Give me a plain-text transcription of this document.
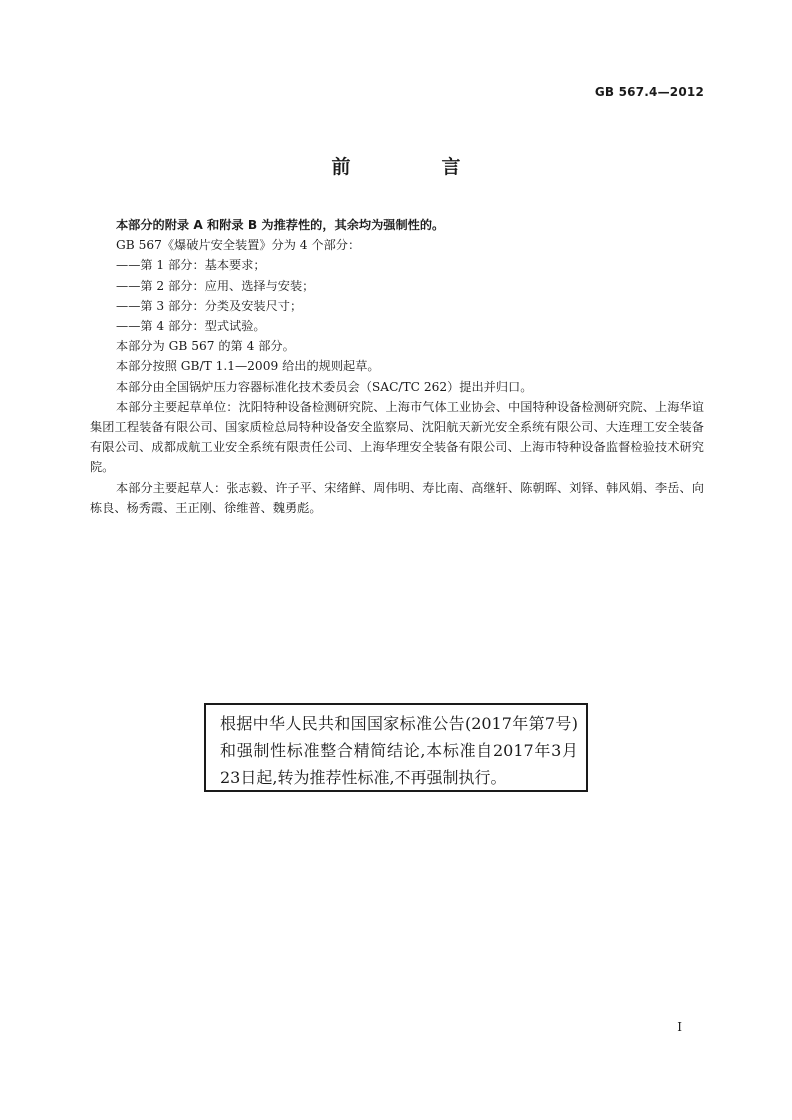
GB 567.4—2012
前　言

本部分的附录 A 和附录 B 为推荐性的，其余均为强制性的。

GB 567《爆破片安全装置》分为 4 个部分：

——第 1 部分：基本要求；

——第 2 部分：应用、选择与安装；

——第 3 部分：分类及安装尺寸；

——第 4 部分：型式试验。

本部分为 GB 567 的第 4 部分。

本部分按照 GB/T 1.1—2009 给出的规则起草。

本部分由全国锅炉压力容器标准化技术委员会（SAC/TC 262）提出并归口。

本部分主要起草单位：沈阳特种设备检测研究院、上海市气体工业协会、中国特种设备检测研究院、上海华谊集团工程装备有限公司、国家质检总局特种设备安全监察局、沈阳航天新光安全系统有限公司、大连理工安全装备有限公司、成都成航工业安全系统有限责任公司、上海华理安全装备有限公司、上海市特种设备监督检验技术研究院。

本部分主要起草人：张志毅、许子平、宋绪鲜、周伟明、寿比南、高继轩、陈朝晖、刘铎、韩风娟、李岳、向栋良、杨秀霞、王正刚、徐维普、魏勇彪。

根据中华人民共和国国家标准公告(2017年第7号)和强制性标准整合精简结论,本标准自2017年3月23日起,转为推荐性标准,不再强制执行。
I
